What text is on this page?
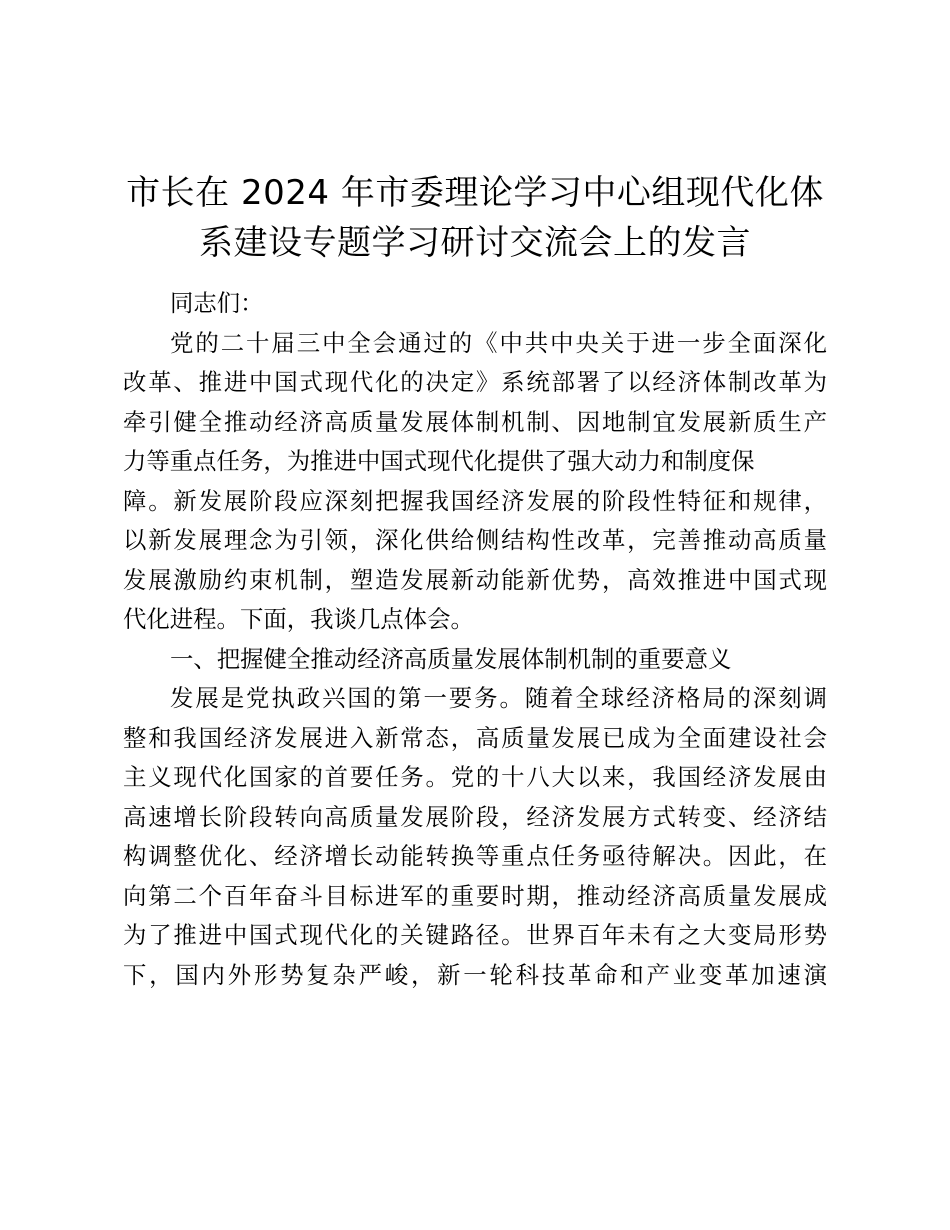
市长在 2024 年市委理论学习中心组现代化体
系建设专题学习研讨交流会上的发言
同志们：
党的二十届三中全会通过的《中共中央关于进一步全面深化
改革、推进中国式现代化的决定》系统部署了以经济体制改革为
牵引健全推动经济高质量发展体制机制、因地制宜发展新质生产
力等重点任务，为推进中国式现代化提供了强大动力和制度保
障。新发展阶段应深刻把握我国经济发展的阶段性特征和规律，
以新发展理念为引领，深化供给侧结构性改革，完善推动高质量
发展激励约束机制，塑造发展新动能新优势，高效推进中国式现
代化进程。下面，我谈几点体会。
一、把握健全推动经济高质量发展体制机制的重要意义
发展是党执政兴国的第一要务。随着全球经济格局的深刻调
整和我国经济发展进入新常态，高质量发展已成为全面建设社会
主义现代化国家的首要任务。党的十八大以来，我国经济发展由
高速增长阶段转向高质量发展阶段，经济发展方式转变、经济结
构调整优化、经济增长动能转换等重点任务亟待解决。因此，在
向第二个百年奋斗目标进军的重要时期，推动经济高质量发展成
为了推进中国式现代化的关键路径。世界百年未有之大变局形势
下，国内外形势复杂严峻，新一轮科技革命和产业变革加速演
